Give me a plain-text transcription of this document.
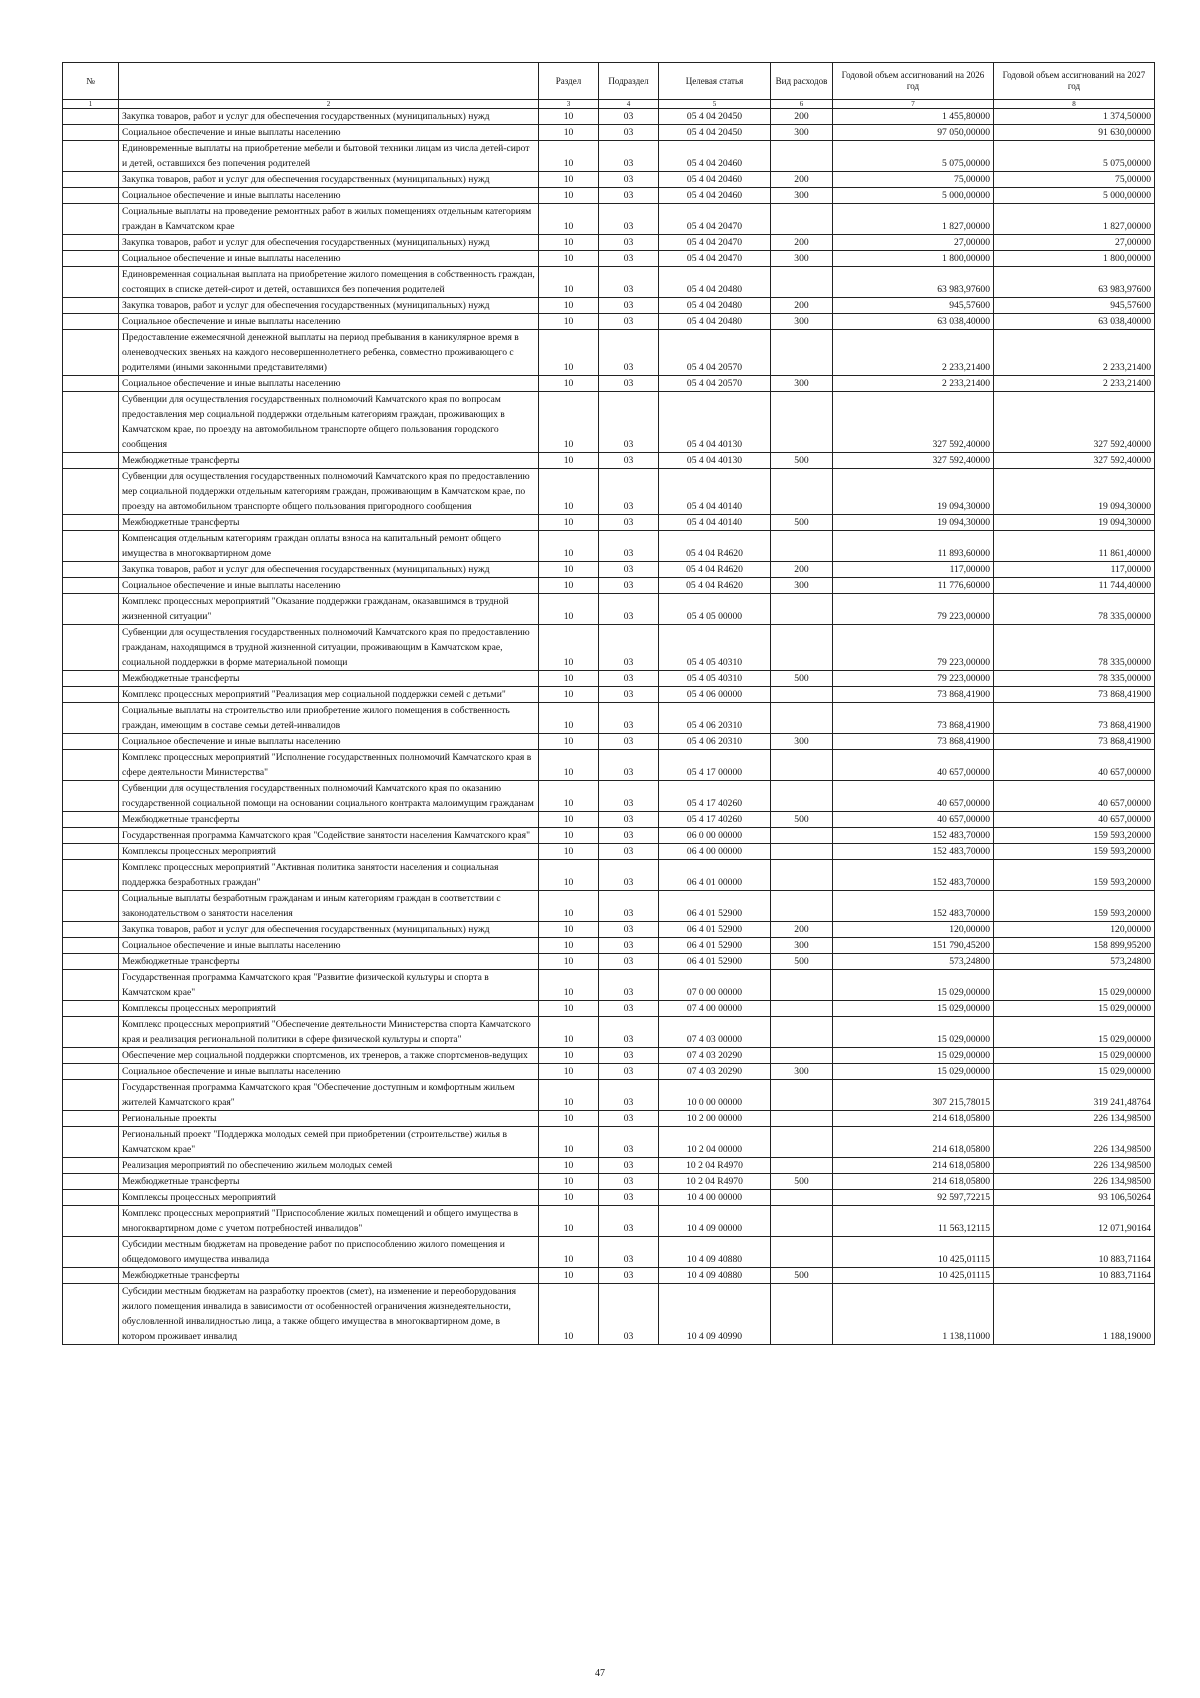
№		Раздел	Подраздел	Целевая статья	Вид расходов	Годовой объем ассигнований на 2026 год	Годовой объем ассигнований на 2027 год
1	2	3	4	5	6	7	8
	Закупка товаров, работ и услуг для обеспечения государственных (муниципальных) нужд	10	03	05 4 04 20450	200	1 455,80000	1 374,50000
	Социальное обеспечение и иные выплаты населению	10	03	05 4 04 20450	300	97 050,00000	91 630,00000
	Единовременные выплаты на приобретение мебели и бытовой техники лицам из числа детей-сирот и детей, оставшихся без попечения родителей	10	03	05 4 04 20460		5 075,00000	5 075,00000
	Закупка товаров, работ и услуг для обеспечения государственных (муниципальных) нужд	10	03	05 4 04 20460	200	75,00000	75,00000
	Социальное обеспечение и иные выплаты населению	10	03	05 4 04 20460	300	5 000,00000	5 000,00000
	Социальные выплаты на проведение ремонтных работ в жилых помещениях отдельным категориям граждан в Камчатском крае	10	03	05 4 04 20470		1 827,00000	1 827,00000
	Закупка товаров, работ и услуг для обеспечения государственных (муниципальных) нужд	10	03	05 4 04 20470	200	27,00000	27,00000
	Социальное обеспечение и иные выплаты населению	10	03	05 4 04 20470	300	1 800,00000	1 800,00000
	Единовременная социальная выплата на приобретение жилого помещения в собственность граждан, состоящих в списке детей-сирот и детей, оставшихся без попечения родителей	10	03	05 4 04 20480		63 983,97600	63 983,97600
	Закупка товаров, работ и услуг для обеспечения государственных (муниципальных) нужд	10	03	05 4 04 20480	200	945,57600	945,57600
	Социальное обеспечение и иные выплаты населению	10	03	05 4 04 20480	300	63 038,40000	63 038,40000
	Предоставление ежемесячной денежной выплаты на период пребывания в каникулярное время в оленеводческих звеньях на каждого несовершеннолетнего ребенка, совместно проживающего с родителями (иными законными представителями)	10	03	05 4 04 20570		2 233,21400	2 233,21400
	Социальное обеспечение и иные выплаты населению	10	03	05 4 04 20570	300	2 233,21400	2 233,21400
	Субвенции для осуществления государственных полномочий Камчатского края по вопросам предоставления мер социальной поддержки отдельным категориям граждан, проживающих в Камчатском крае, по проезду на автомобильном транспорте общего пользования городского сообщения	10	03	05 4 04 40130		327 592,40000	327 592,40000
	Межбюджетные трансферты	10	03	05 4 04 40130	500	327 592,40000	327 592,40000
	Субвенции для осуществления государственных полномочий Камчатского края по предоставлению мер социальной поддержки отдельным категориям граждан, проживающим в Камчатском крае, по проезду на автомобильном транспорте общего пользования пригородного сообщения	10	03	05 4 04 40140		19 094,30000	19 094,30000
	Межбюджетные трансферты	10	03	05 4 04 40140	500	19 094,30000	19 094,30000
	Компенсация отдельным категориям граждан оплаты взноса на капитальный ремонт общего имущества в многоквартирном доме	10	03	05 4 04 R4620		11 893,60000	11 861,40000
	Закупка товаров, работ и услуг для обеспечения государственных (муниципальных) нужд	10	03	05 4 04 R4620	200	117,00000	117,00000
	Социальное обеспечение и иные выплаты населению	10	03	05 4 04 R4620	300	11 776,60000	11 744,40000
	Комплекс процессных мероприятий "Оказание поддержки гражданам, оказавшимся в трудной жизненной ситуации"	10	03	05 4 05 00000		79 223,00000	78 335,00000
	Субвенции для осуществления государственных полномочий Камчатского края по предоставлению гражданам, находящимся в трудной жизненной ситуации, проживающим в Камчатском крае, социальной поддержки в форме материальной помощи	10	03	05 4 05 40310		79 223,00000	78 335,00000
	Межбюджетные трансферты	10	03	05 4 05 40310	500	79 223,00000	78 335,00000
	Комплекс процессных мероприятий "Реализация мер социальной поддержки семей с детьми"	10	03	05 4 06 00000		73 868,41900	73 868,41900
	Социальные выплаты на строительство или приобретение жилого помещения в собственность граждан, имеющим в составе семьи детей-инвалидов	10	03	05 4 06 20310		73 868,41900	73 868,41900
	Социальное обеспечение и иные выплаты населению	10	03	05 4 06 20310	300	73 868,41900	73 868,41900
	Комплекс процессных мероприятий "Исполнение государственных полномочий Камчатского края в сфере деятельности Министерства"	10	03	05 4 17 00000		40 657,00000	40 657,00000
	Субвенции для осуществления государственных полномочий Камчатского края по оказанию государственной социальной помощи на основании социального контракта малоимущим гражданам	10	03	05 4 17 40260		40 657,00000	40 657,00000
	Межбюджетные трансферты	10	03	05 4 17 40260	500	40 657,00000	40 657,00000
	Государственная программа Камчатского края "Содействие занятости населения Камчатского края"	10	03	06 0 00 00000		152 483,70000	159 593,20000
	Комплексы процессных мероприятий	10	03	06 4 00 00000		152 483,70000	159 593,20000
	Комплекс процессных мероприятий "Активная политика занятости населения и социальная поддержка безработных граждан"	10	03	06 4 01 00000		152 483,70000	159 593,20000
	Социальные выплаты безработным гражданам и иным категориям граждан в соответствии с законодательством о занятости населения	10	03	06 4 01 52900		152 483,70000	159 593,20000
	Закупка товаров, работ и услуг для обеспечения государственных (муниципальных) нужд	10	03	06 4 01 52900	200	120,00000	120,00000
	Социальное обеспечение и иные выплаты населению	10	03	06 4 01 52900	300	151 790,45200	158 899,95200
	Межбюджетные трансферты	10	03	06 4 01 52900	500	573,24800	573,24800
	Государственная программа Камчатского края "Развитие физической культуры и спорта в Камчатском крае"	10	03	07 0 00 00000		15 029,00000	15 029,00000
	Комплексы процессных мероприятий	10	03	07 4 00 00000		15 029,00000	15 029,00000
	Комплекс процессных мероприятий "Обеспечение деятельности Министерства спорта Камчатского края и реализация региональной политики в сфере физической культуры и спорта"	10	03	07 4 03 00000		15 029,00000	15 029,00000
	Обеспечение мер социальной поддержки спортсменов, их тренеров, а также спортсменов-ведущих	10	03	07 4 03 20290		15 029,00000	15 029,00000
	Социальное обеспечение и иные выплаты населению	10	03	07 4 03 20290	300	15 029,00000	15 029,00000
	Государственная программа Камчатского края "Обеспечение доступным и комфортным жильем жителей Камчатского края"	10	03	10 0 00 00000		307 215,78015	319 241,48764
	Региональные проекты	10	03	10 2 00 00000		214 618,05800	226 134,98500
	Региональный проект "Поддержка молодых семей при приобретении (строительстве) жилья в Камчатском крае"	10	03	10 2 04 00000		214 618,05800	226 134,98500
	Реализация мероприятий по обеспечению жильем молодых семей	10	03	10 2 04 R4970		214 618,05800	226 134,98500
	Межбюджетные трансферты	10	03	10 2 04 R4970	500	214 618,05800	226 134,98500
	Комплексы процессных мероприятий	10	03	10 4 00 00000		92 597,72215	93 106,50264
	Комплекс процессных мероприятий "Приспособление жилых помещений и общего имущества в многоквартирном доме с учетом потребностей инвалидов"	10	03	10 4 09 00000		11 563,12115	12 071,90164
	Субсидии местным бюджетам на проведение работ по приспособлению жилого помещения и общедомового имущества инвалида	10	03	10 4 09 40880		10 425,01115	10 883,71164
	Межбюджетные трансферты	10	03	10 4 09 40880	500	10 425,01115	10 883,71164
	Субсидии местным бюджетам на разработку проектов (смет), на изменение и переоборудования жилого помещения инвалида в зависимости от особенностей ограничения жизнедеятельности, обусловленной инвалидностью лица, а также общего имущества в многоквартирном доме, в котором проживает инвалид	10	03	10 4 09 40990		1 138,11000	1 188,19000
47
